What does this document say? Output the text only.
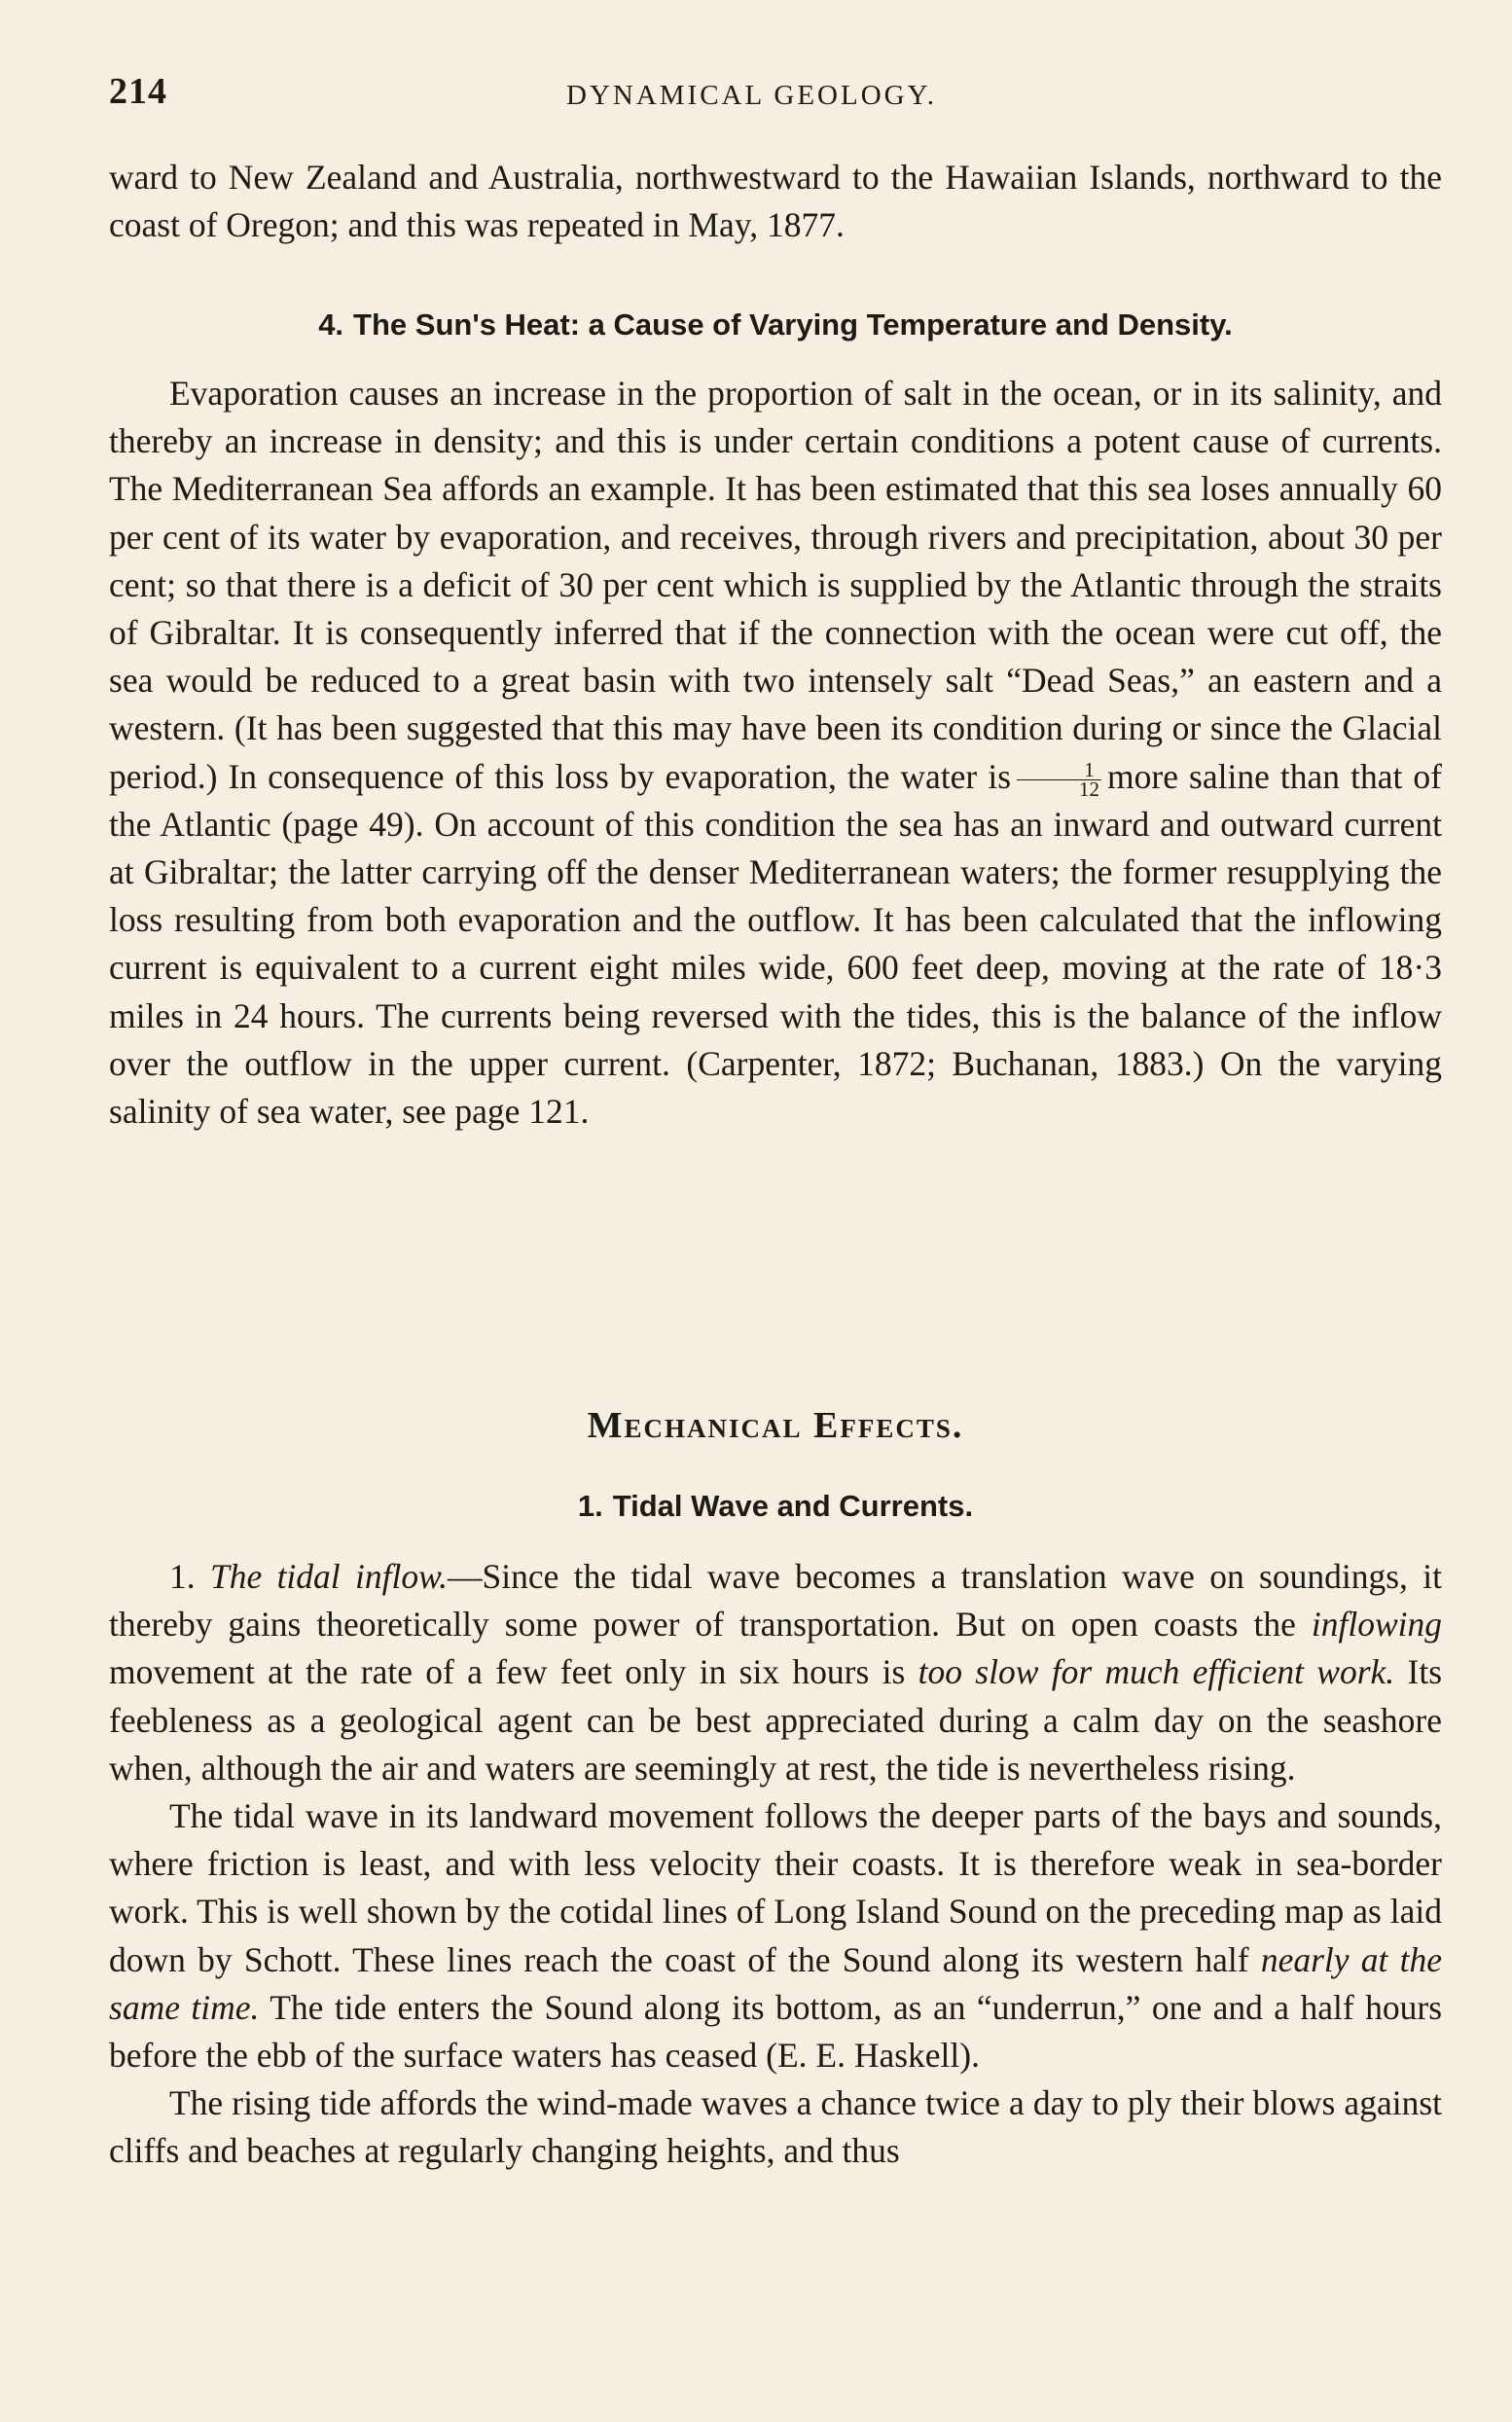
214	DYNAMICAL GEOLOGY.

ward to New Zealand and Australia, northwestward to the Hawaiian Islands, northward to the coast of Oregon; and this was repeated in May, 1877.

4. The Sun's Heat: a Cause of Varying Temperature and Density.

Evaporation causes an increase in the proportion of salt in the ocean, or in its salinity, and thereby an increase in density; and this is under certain conditions a potent cause of currents. The Mediterranean Sea affords an example. It has been estimated that this sea loses annually 60 per cent of its water by evaporation, and receives, through rivers and precipitation, about 30 per cent; so that there is a deficit of 30 per cent which is supplied by the Atlantic through the straits of Gibraltar. It is consequently inferred that if the connection with the ocean were cut off, the sea would be reduced to a great basin with two intensely salt “Dead Seas,” an eastern and a western. (It has been suggested that this may have been its condition during or since the Glacial period.) In consequence of this loss by evaporation, the water is $\frac{1}{12}$ more saline than that of the Atlantic (page 49). On account of this condition the sea has an inward and outward current at Gibraltar; the latter carrying off the denser Mediterranean waters; the former resupplying the loss resulting from both evaporation and the outflow. It has been calculated that the inflowing current is equivalent to a current eight miles wide, 600 feet deep, moving at the rate of 18·3 miles in 24 hours. The currents being reversed with the tides, this is the balance of the inflow over the outflow in the upper current. (Carpenter, 1872; Buchanan, 1883.) On the varying salinity of sea water, see page 121.

Mechanical Effects.
1. Tidal Wave and Currents.

1. The tidal inflow.—Since the tidal wave becomes a translation wave on soundings, it thereby gains theoretically some power of transportation. But on open coasts the inflowing movement at the rate of a few feet only in six hours is too slow for much efficient work. Its feebleness as a geological agent can be best appreciated during a calm day on the seashore when, although the air and waters are seemingly at rest, the tide is nevertheless rising.

The tidal wave in its landward movement follows the deeper parts of the bays and sounds, where friction is least, and with less velocity their coasts. It is therefore weak in sea-border work. This is well shown by the cotidal lines of Long Island Sound on the preceding map as laid down by Schott. These lines reach the coast of the Sound along its western half nearly at the same time. The tide enters the Sound along its bottom, as an “underrun,” one and a half hours before the ebb of the surface waters has ceased (E. E. Haskell).

The rising tide affords the wind-made waves a chance twice a day to ply their blows against cliffs and beaches at regularly changing heights, and thus
